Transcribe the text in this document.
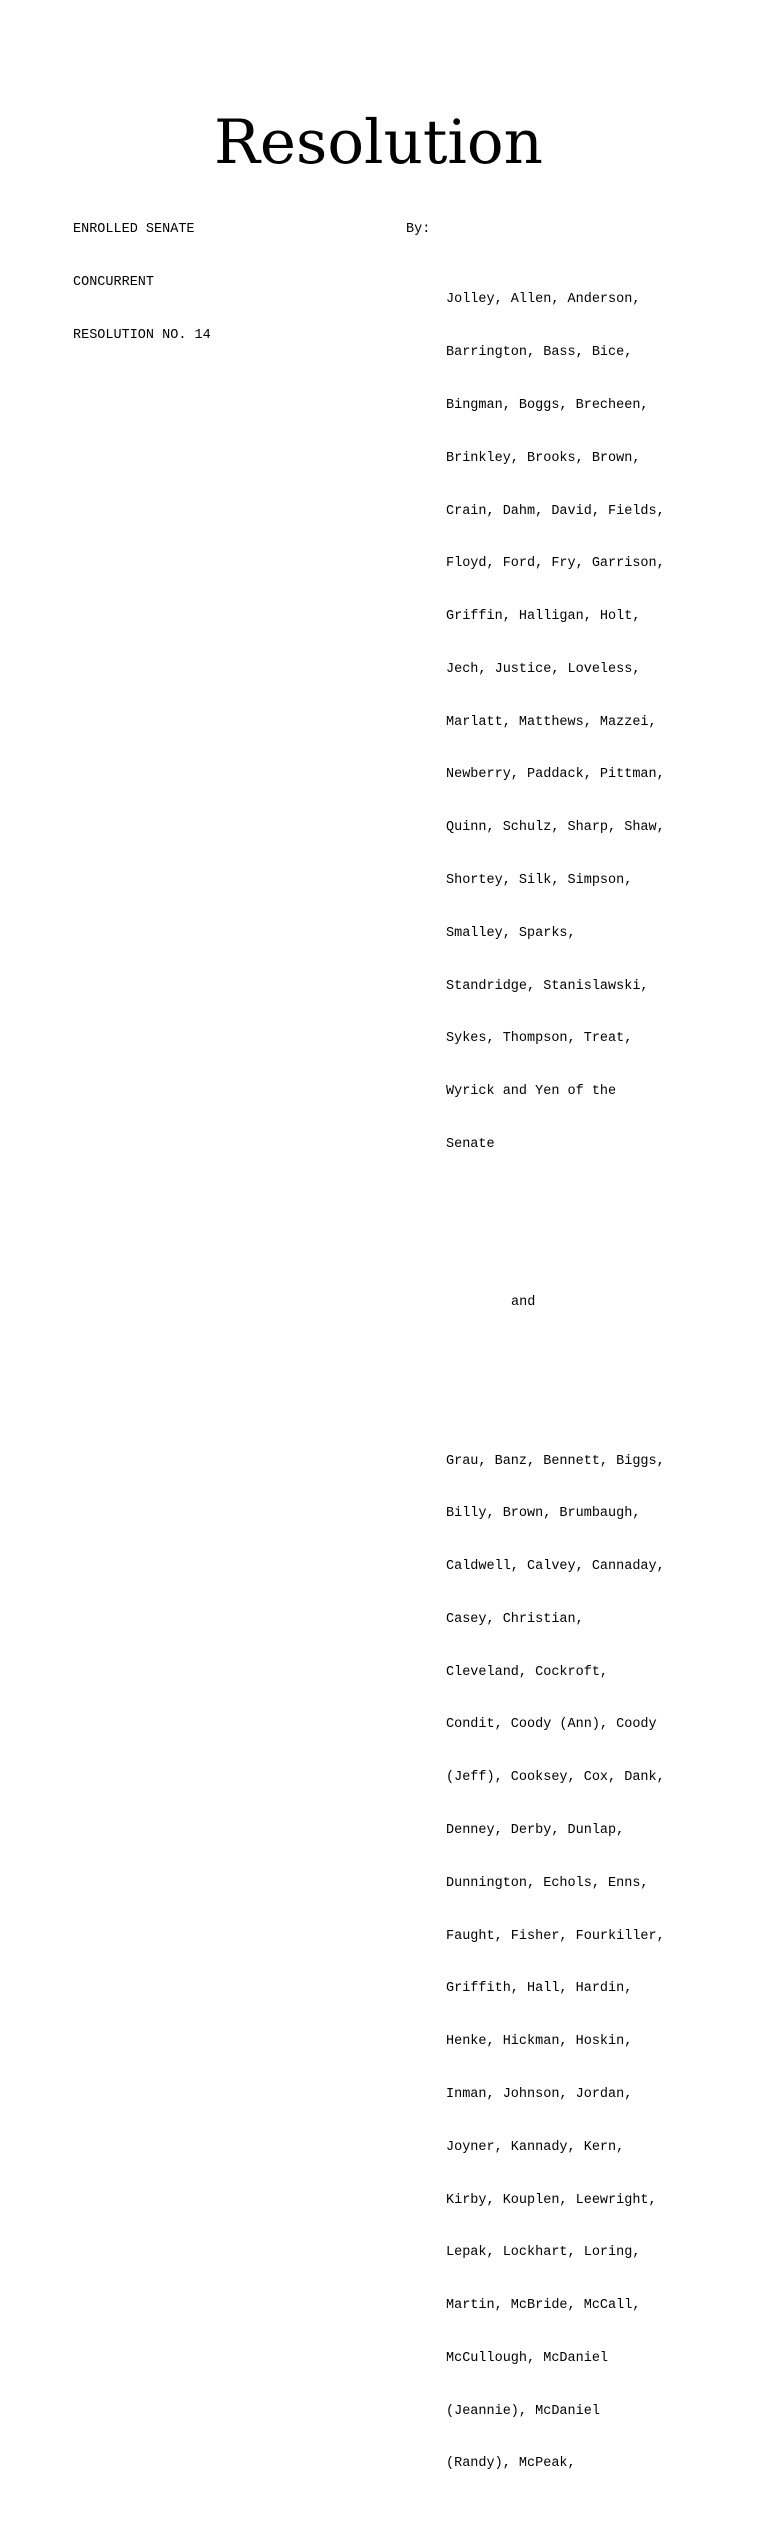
Resolution

ENROLLED SENATE

CONCURRENT

RESOLUTION NO. 14

By:

Jolley, Allen, Anderson,

Barrington, Bass, Bice,

Bingman, Boggs, Brecheen,

Brinkley, Brooks, Brown,

Crain, Dahm, David, Fields,

Floyd, Ford, Fry, Garrison,

Griffin, Halligan, Holt,

Jech, Justice, Loveless,

Marlatt, Matthews, Mazzei,

Newberry, Paddack, Pittman,

Quinn, Schulz, Sharp, Shaw,

Shortey, Silk, Simpson,

Smalley, Sparks,

Standridge, Stanislawski,

Sykes, Thompson, Treat,

Wyrick and Yen of the

Senate

and

Grau, Banz, Bennett, Biggs,

Billy, Brown, Brumbaugh,

Caldwell, Calvey, Cannaday,

Casey, Christian,

Cleveland, Cockroft,

Condit, Coody (Ann), Coody

(Jeff), Cooksey, Cox, Dank,

Denney, Derby, Dunlap,

Dunnington, Echols, Enns,

Faught, Fisher, Fourkiller,

Griffith, Hall, Hardin,

Henke, Hickman, Hoskin,

Inman, Johnson, Jordan,

Joyner, Kannady, Kern,

Kirby, Kouplen, Leewright,

Lepak, Lockhart, Loring,

Martin, McBride, McCall,

McCullough, McDaniel

(Jeannie), McDaniel

(Randy), McPeak,
